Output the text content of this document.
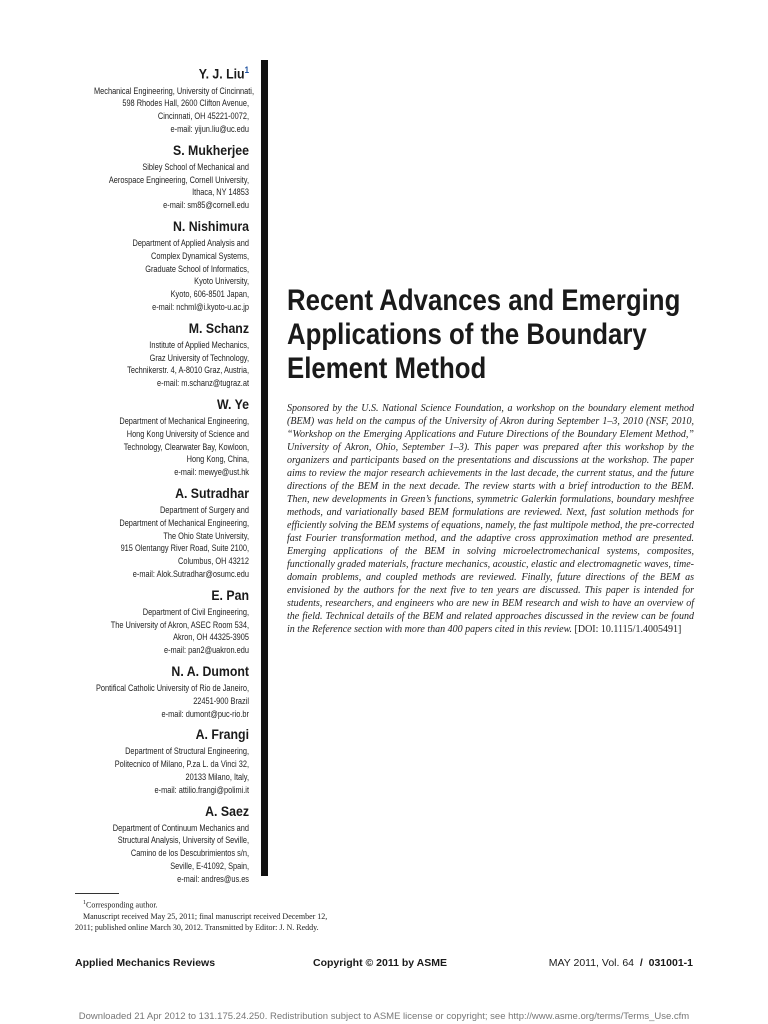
Y. J. Liu$^1$
Mechanical Engineering, University of Cincinnati,
598 Rhodes Hall, 2600 Clifton Avenue,
Cincinnati, OH 45221-0072,
e-mail: yijun.liu@uc.edu
S. Mukherjee
Sibley School of Mechanical and
Aerospace Engineering, Cornell University,
Ithaca, NY 14853
e-mail: sm85@cornell.edu
N. Nishimura
Department of Applied Analysis and
Complex Dynamical Systems,
Graduate School of Informatics,
Kyoto University,
Kyoto, 606-8501 Japan,
e-mail: nchml@i.kyoto-u.ac.jp
M. Schanz
Institute of Applied Mechanics,
Graz University of Technology,
Technikerstr. 4, A-8010 Graz, Austria,
e-mail: m.schanz@tugraz.at
W. Ye
Department of Mechanical Engineering,
Hong Kong University of Science and
Technology, Clearwater Bay, Kowloon,
Hong Kong, China,
e-mail: mewye@ust.hk
A. Sutradhar
Department of Surgery and
Department of Mechanical Engineering,
The Ohio State University,
915 Olentangy River Road, Suite 2100,
Columbus, OH 43212
e-mail: Alok.Sutradhar@osumc.edu
E. Pan
Department of Civil Engineering,
The University of Akron, ASEC Room 534,
Akron, OH 44325-3905
e-mail: pan2@uakron.edu
N. A. Dumont
Pontifical Catholic University of Rio de Janeiro,
22451-900 Brazil
e-mail: dumont@puc-rio.br
A. Frangi
Department of Structural Engineering,
Politecnico of Milano, P.za L. da Vinci 32,
20133 Milano, Italy,
e-mail: attilio.frangi@polimi.it
A. Saez
Department of Continuum Mechanics and
Structural Analysis, University of Seville,
Camino de los Descubrimientos s/n,
Seville, E-41092, Spain,
e-mail: andres@us.es
Recent Advances and Emerging
Applications of the Boundary
Element Method
Sponsored by the U.S. National Science Foundation, a workshop on the boundary element method (BEM) was held on the campus of the University of Akron during September 1–3, 2010 (NSF, 2010, “Workshop on the Emerging Applications and Future Directions of the Boundary Element Method,” University of Akron, Ohio, September 1–3). This paper was prepared after this workshop by the organizers and participants based on the presentations and discussions at the workshop. The paper aims to review the major research achievements in the last decade, the current status, and the future directions of the BEM in the next decade. The review starts with a brief introduction to the BEM. Then, new developments in Green’s functions, symmetric Galerkin formulations, boundary meshfree methods, and variationally based BEM formulations are reviewed. Next, fast solution methods for efficiently solving the BEM systems of equations, namely, the fast multipole method, the pre-corrected fast Fourier transformation method, and the adaptive cross approximation method are presented. Emerging applications of the BEM in solving microelectromechanical systems, composites, functionally graded materials, fracture mechanics, acoustic, elastic and electromagnetic waves, time-domain problems, and coupled methods are reviewed. Finally, future directions of the BEM as envisioned by the authors for the next five to ten years are discussed. This paper is intended for students, researchers, and engineers who are new in BEM research and wish to have an overview of the field. Technical details of the BEM and related approaches discussed in the review can be found in the Reference section with more than 400 papers cited in this review. [DOI: 10.1115/1.4005491]
$^1$Corresponding author.
Manuscript received May 25, 2011; final manuscript received December 12,
2011; published online March 30, 2012. Transmitted by Editor: J. N. Reddy.
Applied Mechanics Reviews	Copyright © 2011 by ASME	MAY 2011, Vol. 64 / 031001-1
Downloaded 21 Apr 2012 to 131.175.24.250. Redistribution subject to ASME license or copyright; see http://www.asme.org/terms/Terms_Use.cfm
